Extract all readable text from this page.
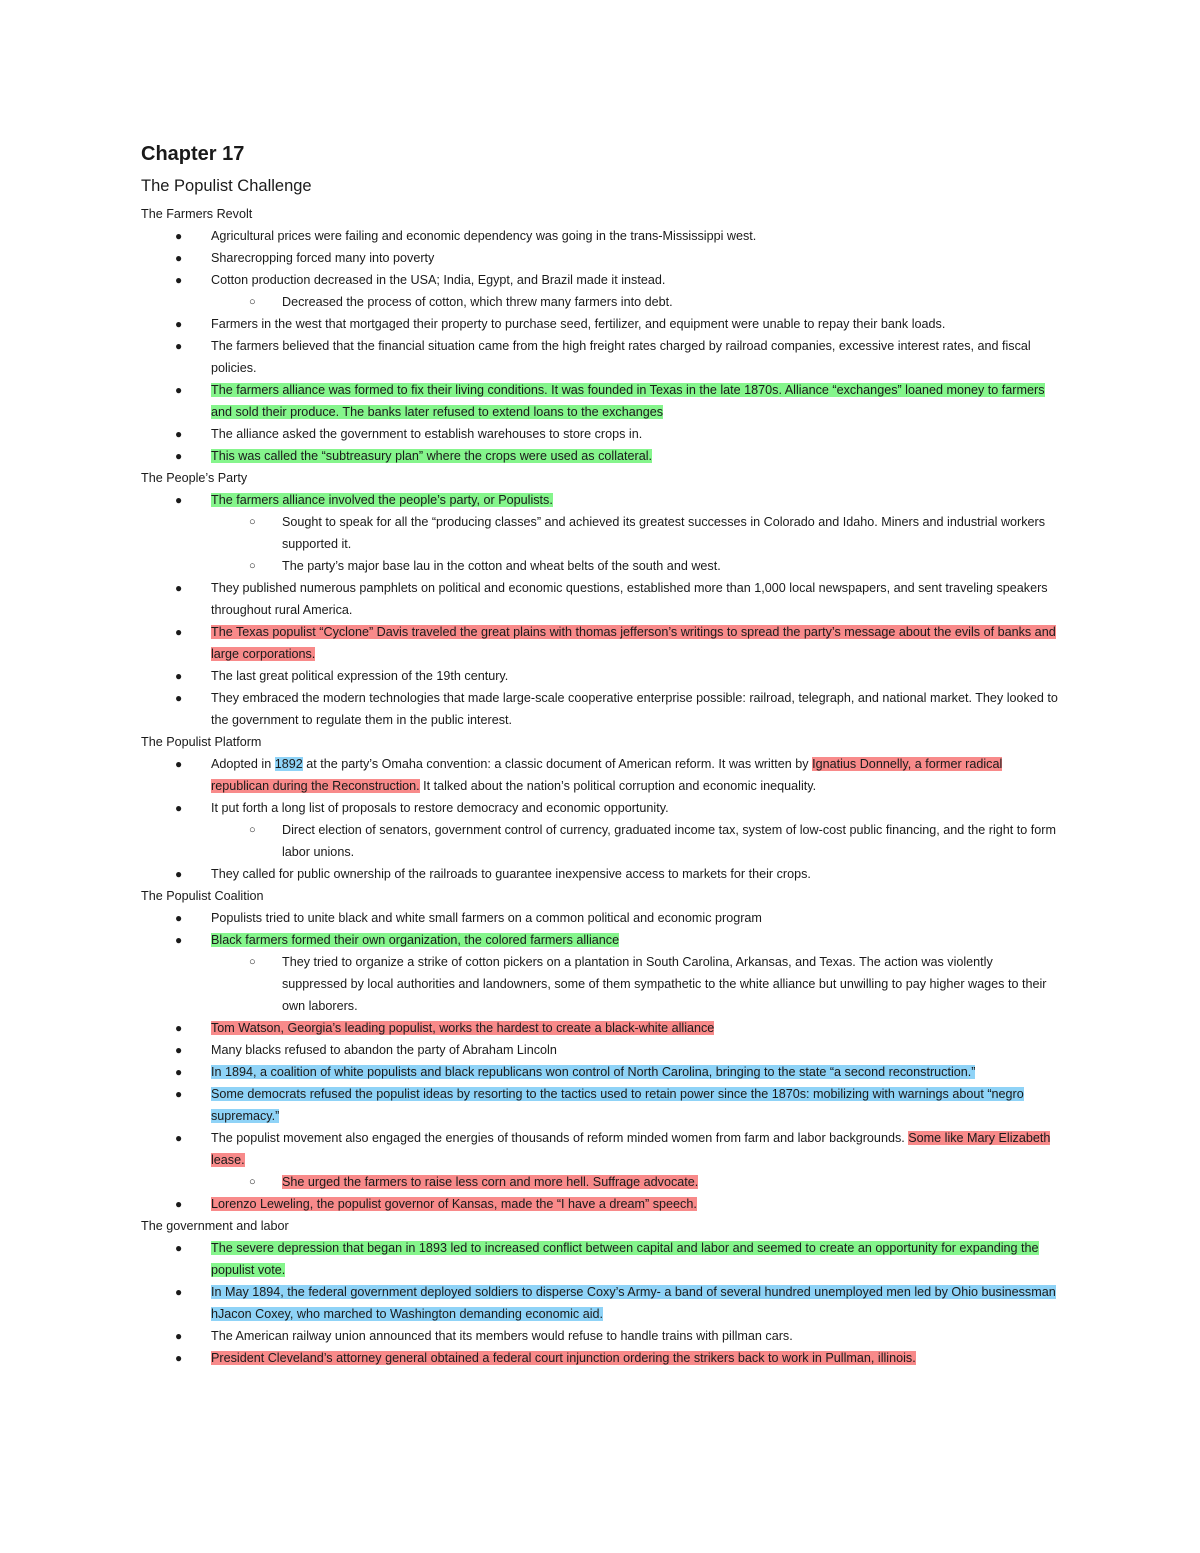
Chapter 17
The Populist Challenge
The Farmers Revolt
● Agricultural prices were failing and economic dependency was going in the trans-Mississippi west.
● Sharecropping forced many into poverty
● Cotton production decreased in the USA; India, Egypt, and Brazil made it instead.
○ Decreased the process of cotton, which threw many farmers into debt.
● Farmers in the west that mortgaged their property to purchase seed, fertilizer, and equipment were unable to repay their bank loads.
● The farmers believed that the financial situation came from the high freight rates charged by railroad companies, excessive interest rates, and fiscal policies.
● The farmers alliance was formed to fix their living conditions. It was founded in Texas in the late 1870s. Alliance “exchanges” loaned money to farmers and sold their produce. The banks later refused to extend loans to the exchanges
● The alliance asked the government to establish warehouses to store crops in.
● This was called the “subtreasury plan” where the crops were used as collateral.
The People’s Party
● The farmers alliance involved the people’s party, or Populists.
○ Sought to speak for all the “producing classes” and achieved its greatest successes in Colorado and Idaho. Miners and industrial workers supported it.
○ The party’s major base lau in the cotton and wheat belts of the south and west.
● They published numerous pamphlets on political and economic questions, established more than 1,000 local newspapers, and sent traveling speakers throughout rural America.
● The Texas populist “Cyclone” Davis traveled the great plains with thomas jefferson’s writings to spread the party’s message about the evils of banks and large corporations.
● The last great political expression of the 19th century.
● They embraced the modern technologies that made large-scale cooperative enterprise possible: railroad, telegraph, and national market. They looked to the government to regulate them in the public interest.
The Populist Platform
● Adopted in 1892 at the party’s Omaha convention: a classic document of American reform. It was written by Ignatius Donnelly, a former radical republican during the Reconstruction. It talked about the nation’s political corruption and economic inequality.
● It put forth a long list of proposals to restore democracy and economic opportunity.
○ Direct election of senators, government control of currency, graduated income tax, system of low-cost public financing, and the right to form labor unions.
● They called for public ownership of the railroads to guarantee inexpensive access to markets for their crops.
The Populist Coalition
● Populists tried to unite black and white small farmers on a common political and economic program
● Black farmers formed their own organization, the colored farmers alliance
○ They tried to organize a strike of cotton pickers on a plantation in South Carolina, Arkansas, and Texas. The action was violently suppressed by local authorities and landowners, some of them sympathetic to the white alliance but unwilling to pay higher wages to their own laborers.
● Tom Watson, Georgia’s leading populist, works the hardest to create a black-white alliance
● Many blacks refused to abandon the party of Abraham Lincoln
● In 1894, a coalition of white populists and black republicans won control of North Carolina, bringing to the state “a second reconstruction.”
● Some democrats refused the populist ideas by resorting to the tactics used to retain power since the 1870s: mobilizing with warnings about “negro supremacy.”
● The populist movement also engaged the energies of thousands of reform minded women from farm and labor backgrounds. Some like Mary Elizabeth lease.
○ She urged the farmers to raise less corn and more hell. Suffrage advocate.
● Lorenzo Leweling, the populist governor of Kansas, made the “I have a dream” speech.
The government and labor
● The severe depression that began in 1893 led to increased conflict between capital and labor and seemed to create an opportunity for expanding the populist vote.
● In May 1894, the federal government deployed soldiers to disperse Coxy’s Army- a band of several hundred unemployed men led by Ohio businessman hJacon Coxey, who marched to Washington demanding economic aid.
● The American railway union announced that its members would refuse to handle trains with pillman cars.
● President Cleveland’s attorney general obtained a federal court injunction ordering the strikers back to work in Pullman, illinois.
